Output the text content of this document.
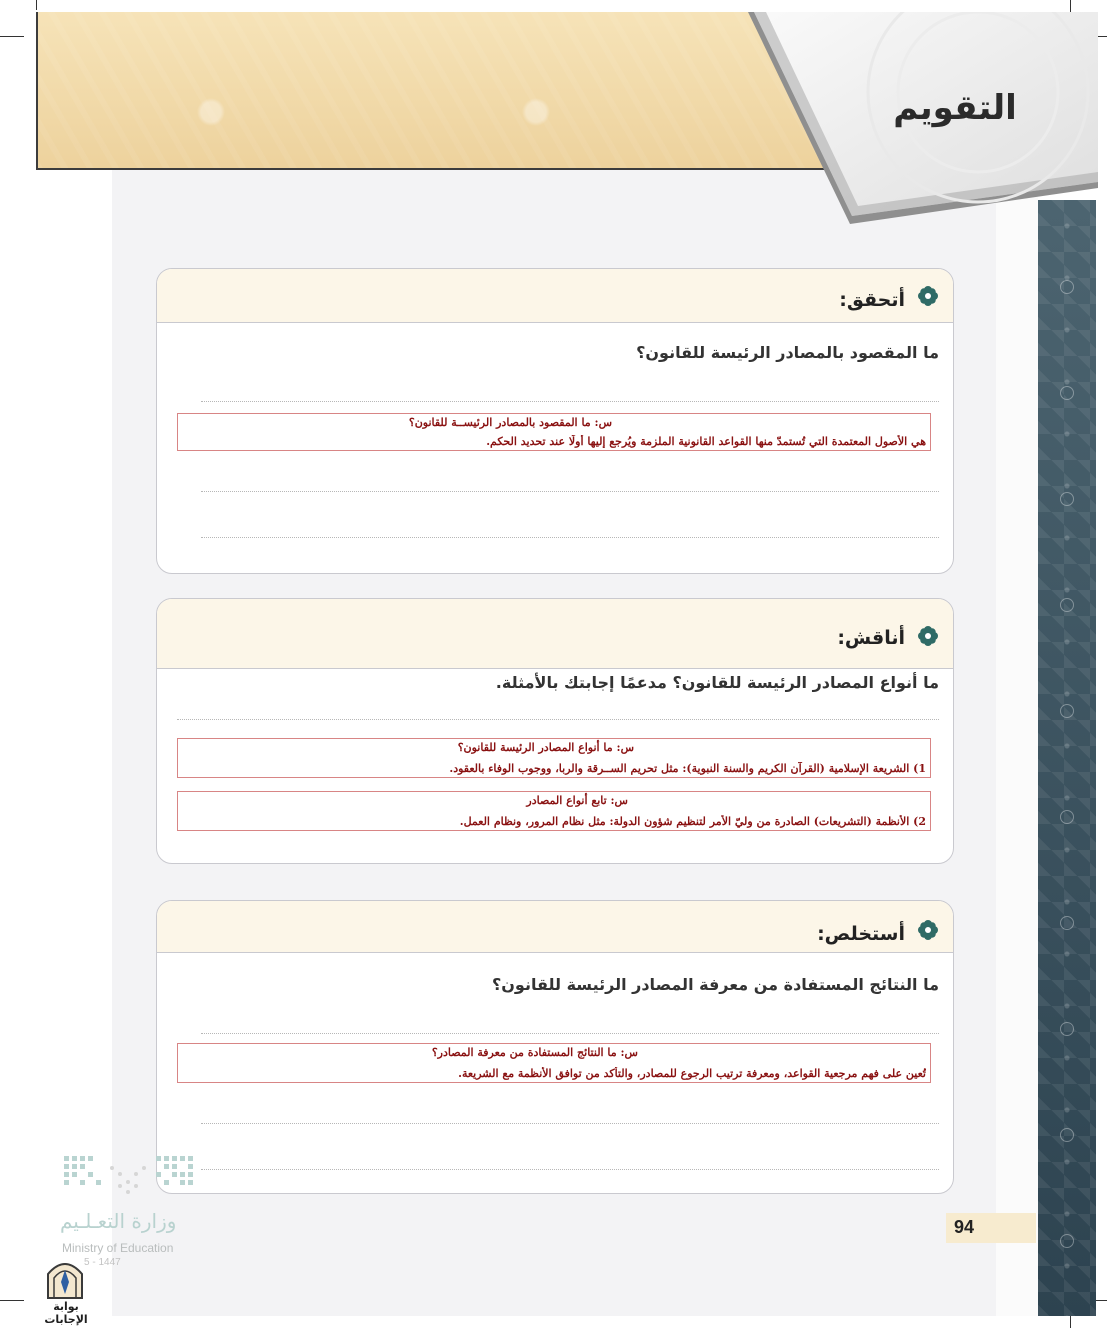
التقويم
أتحقق:
ما المقصود بالمصادر الرئيسة للقانون؟
س: ما المقصود بالمصادر الرئيســة للقانون؟
هي الأصول المعتمدة التي تُستمدّ منها القواعد القانونية الملزمة ويُرجع إليها أولًا عند تحديد الحكم.
أناقش:
ما أنواع المصادر الرئيسة للقانون؟ مدعمًا إجابتك بالأمثلة.
س: ما أنواع المصادر الرئيسة للقانون؟
1) الشريعة الإسلامية (القرآن الكريم والسنة النبوية): مثل تحريم الســرقة والربا، ووجوب الوفاء بالعقود.
س: تابع أنواع المصادر
2) الأنظمة (التشريعات) الصادرة من وليّ الأمر لتنظيم شؤون الدولة: مثل نظام المرور، ونظام العمل.
أستخلص:
ما النتائج المستفادة من معرفة المصادر الرئيسة للقانون؟
س: ما النتائج المستفادة من معرفة المصادر؟
تُعين على فهم مرجعية القواعد، ومعرفة ترتيب الرجوع للمصادر، والتأكد من توافق الأنظمة مع الشريعة.
94
وزارة التعـلـيم
Ministry of Education
5 - 1447
بوابة الإجابات
